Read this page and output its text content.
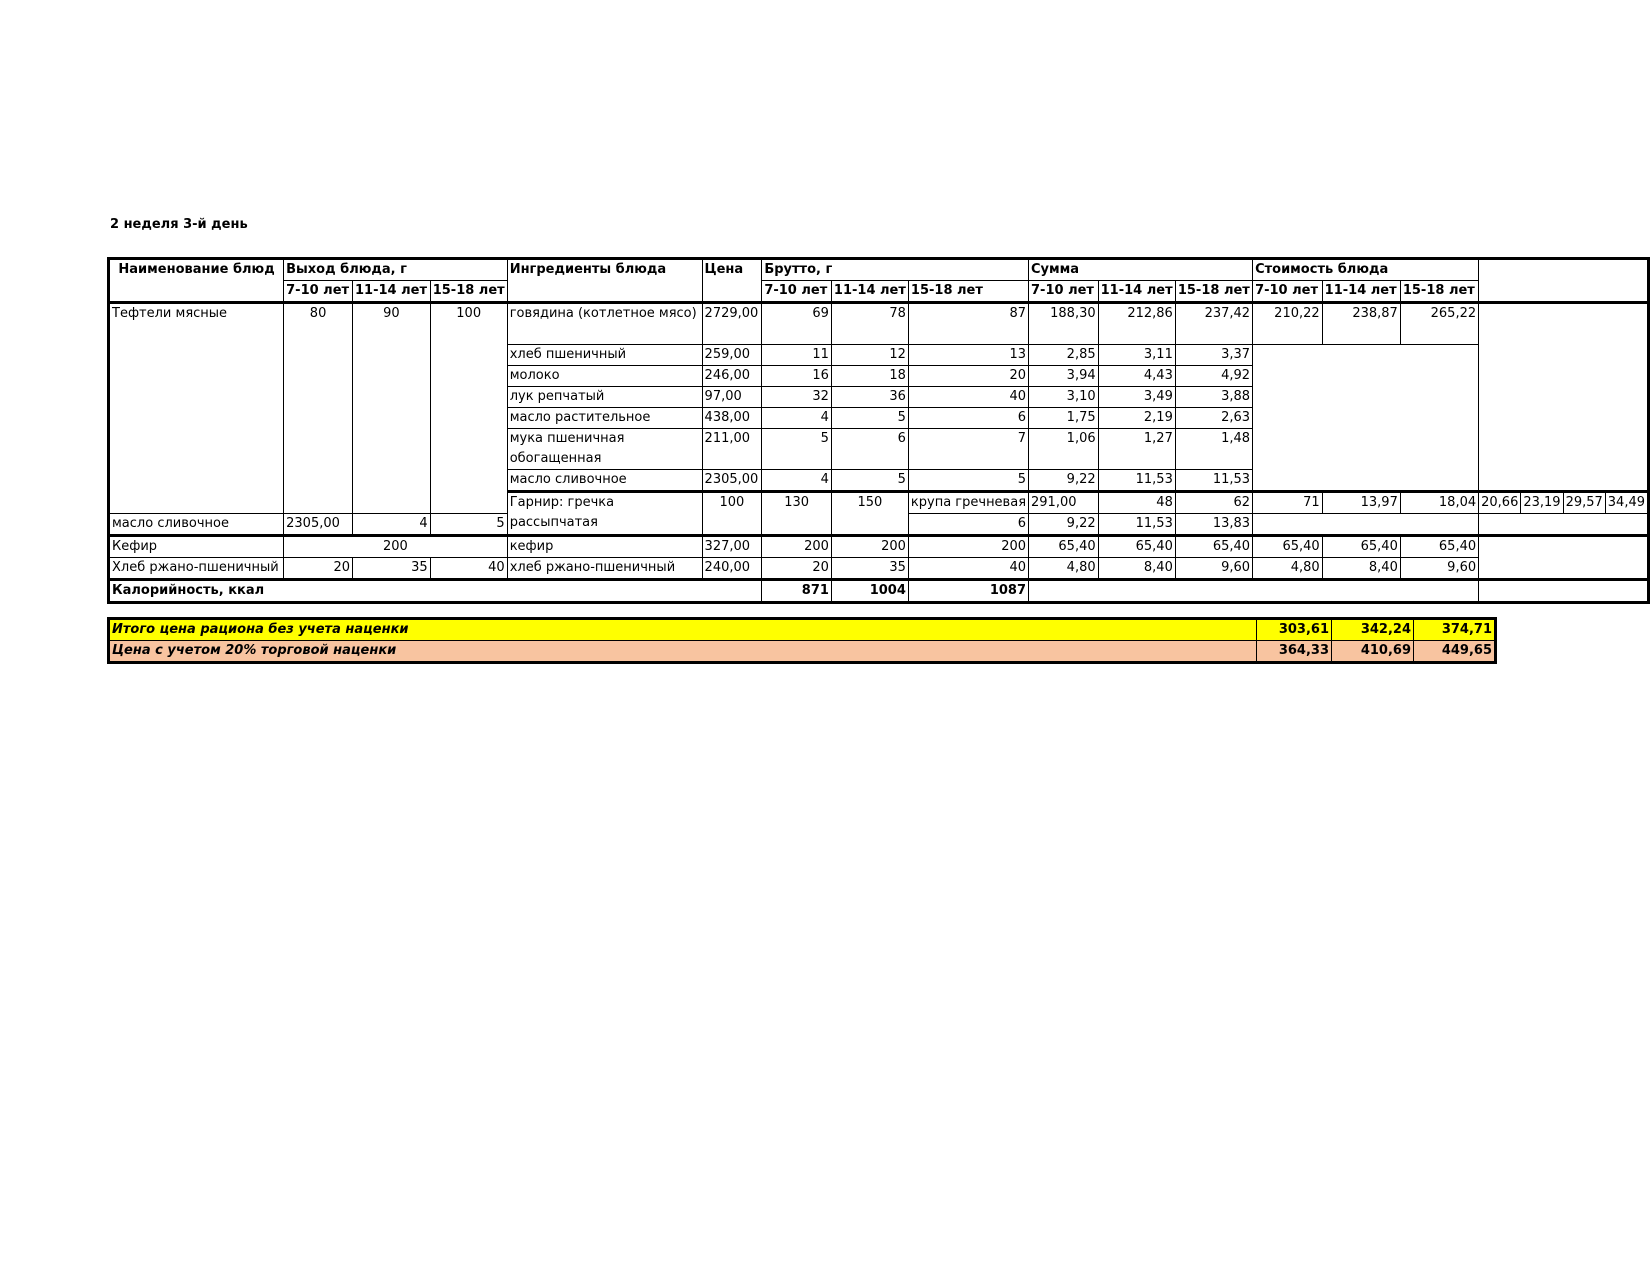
2 неделя 3-й день
Наименование блюд	Выход блюда, г			Ингредиенты блюда	Цена	Брутто, г			Сумма			Стоимость блюда						
	7-10 лет	11-14 лет	15-18 лет			7-10 лет	11-14 лет	15-18 лет	7-10 лет	11-14 лет	15-18 лет	7-10 лет	11-14 лет	15-18 лет				
Тефтели мясные	80	90	100	говядина (котлетное мясо)	2729,00	69	78	87	188,30	212,86	237,42	210,22	238,87	265,22				
				хлеб пшеничный	259,00	11	12	13	2,85	3,11	3,37							
				молоко	246,00	16	18	20	3,94	4,43	4,92							
				лук репчатый	97,00	32	36	40	3,10	3,49	3,88							
				масло растительное	438,00	4	5	6	1,75	2,19	2,63							
				мука пшеничная обогащенная	211,00	5	6	7	1,06	1,27	1,48							
				масло сливочное	2305,00	4	5	5	9,22	11,53	11,53							
				Гарнир: гречка рассыпчатая	100	130	150	крупа гречневая	291,00	48	62	71	13,97	18,04	20,66	23,19	29,57	34,49
масло сливочное	2305,00	4	5					6	9,22	11,53	13,83							
Кефир	200			кефир	327,00	200	200	200	65,40	65,40	65,40	65,40	65,40	65,40				
Хлеб ржано-пшеничный	20	35	40	хлеб ржано-пшеничный	240,00	20	35	40	4,80	8,40	9,60	4,80	8,40	9,60				
Калорийность, ккал						871	1004	1087										
Итого цена рациона без учета наценки	303,61	342,24	374,71
Цена с учетом 20% торговой наценки	364,33	410,69	449,65
